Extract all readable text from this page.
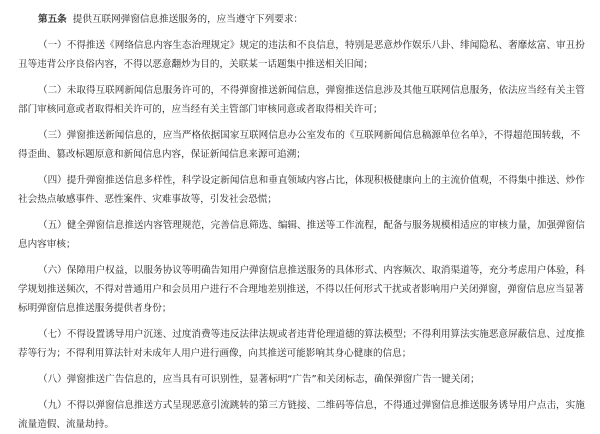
第五条 提供互联网弹窗信息推送服务的，应当遵守下列要求：

（一）不得推送《网络信息内容生态治理规定》规定的违法和不良信息，特别是恶意炒作娱乐八卦、绯闻隐私、奢靡炫富、审丑扮丑等违背公序良俗内容，不得以恶意翻炒为目的，关联某一话题集中推送相关旧闻；

（二）未取得互联网新闻信息服务许可的，不得弹窗推送新闻信息，弹窗推送信息涉及其他互联网信息服务，依法应当经有关主管部门审核同意或者取得相关许可的，应当经有关主管部门审核同意或者取得相关许可；

（三）弹窗推送新闻信息的，应当严格依据国家互联网信息办公室发布的《互联网新闻信息稿源单位名单》，不得超范围转载，不得歪曲、篡改标题原意和新闻信息内容，保证新闻信息来源可追溯；

（四）提升弹窗推送信息多样性，科学设定新闻信息和垂直领域内容占比，体现积极健康向上的主流价值观，不得集中推送、炒作社会热点敏感事件、恶性案件、灾难事故等，引发社会恐慌；

（五）健全弹窗信息推送内容管理规范，完善信息筛选、编辑、推送等工作流程，配备与服务规模相适应的审核力量，加强弹窗信息内容审核；

（六）保障用户权益，以服务协议等明确告知用户弹窗信息推送服务的具体形式、内容频次、取消渠道等，充分考虑用户体验，科学规划推送频次，不得对普通用户和会员用户进行不合理地差别推送，不得以任何形式干扰或者影响用户关闭弹窗，弹窗信息应当显著标明弹窗信息推送服务提供者身份；

（七）不得设置诱导用户沉迷、过度消费等违反法律法规或者违背伦理道德的算法模型；不得利用算法实施恶意屏蔽信息、过度推荐等行为；不得利用算法针对未成年人用户进行画像，向其推送可能影响其身心健康的信息；

（八）弹窗推送广告信息的，应当具有可识别性，显著标明“广告”和关闭标志，确保弹窗广告一键关闭；

（九）不得以弹窗信息推送方式呈现恶意引流跳转的第三方链接、二维码等信息，不得通过弹窗信息推送服务诱导用户点击，实施流量造假、流量劫持。
